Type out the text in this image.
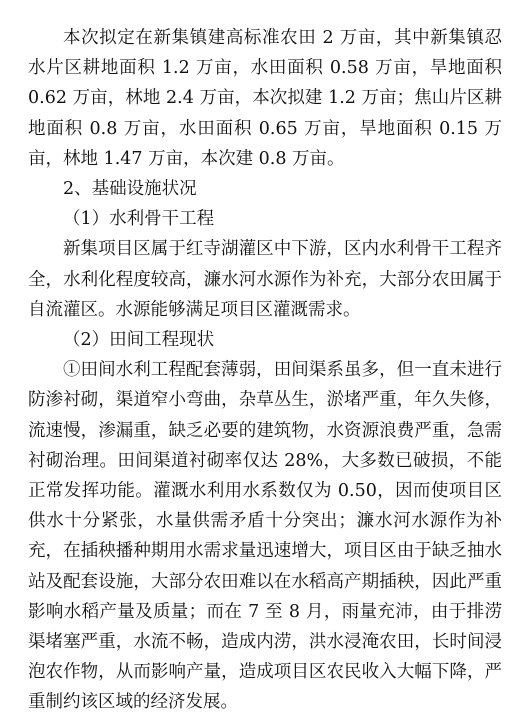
本次拟定在新集镇建高标准农田 2 万亩，其中新集镇忍水片区耕地面积 1.2 万亩，水田面积 0.58 万亩，旱地面积 0.62 万亩，林地 2.4 万亩，本次拟建 1.2 万亩；焦山片区耕地面积 0.8 万亩，水田面积 0.65 万亩，旱地面积 0.15 万亩，林地 1.47 万亩，本次建 0.8 万亩。

2、基础设施状况

（1）水利骨干工程

新集项目区属于红寺湖灌区中下游，区内水利骨干工程齐全，水利化程度较高，濂水河水源作为补充，大部分农田属于自流灌区。水源能够满足项目区灌溉需求。

（2）田间工程现状

①田间水利工程配套薄弱，田间渠系虽多，但一直未进行防渗衬砌，渠道窄小弯曲，杂草丛生，淤堵严重，年久失修，流速慢，渗漏重，缺乏必要的建筑物，水资源浪费严重，急需衬砌治理。田间渠道衬砌率仅达 28%，大多数已破损，不能正常发挥功能。灌溉水利用水系数仅为 0.50，因而使项目区供水十分紧张，水量供需矛盾十分突出；濂水河水源作为补充，在插秧播种期用水需求量迅速增大，项目区由于缺乏抽水站及配套设施，大部分农田难以在水稻高产期插秧，因此严重影响水稻产量及质量；而在 7 至 8 月，雨量充沛，由于排涝渠堵塞严重，水流不畅，造成内涝，洪水浸淹农田，长时间浸泡农作物，从而影响产量，造成项目区农民收入大幅下降，严重制约该区域的经济发展。
